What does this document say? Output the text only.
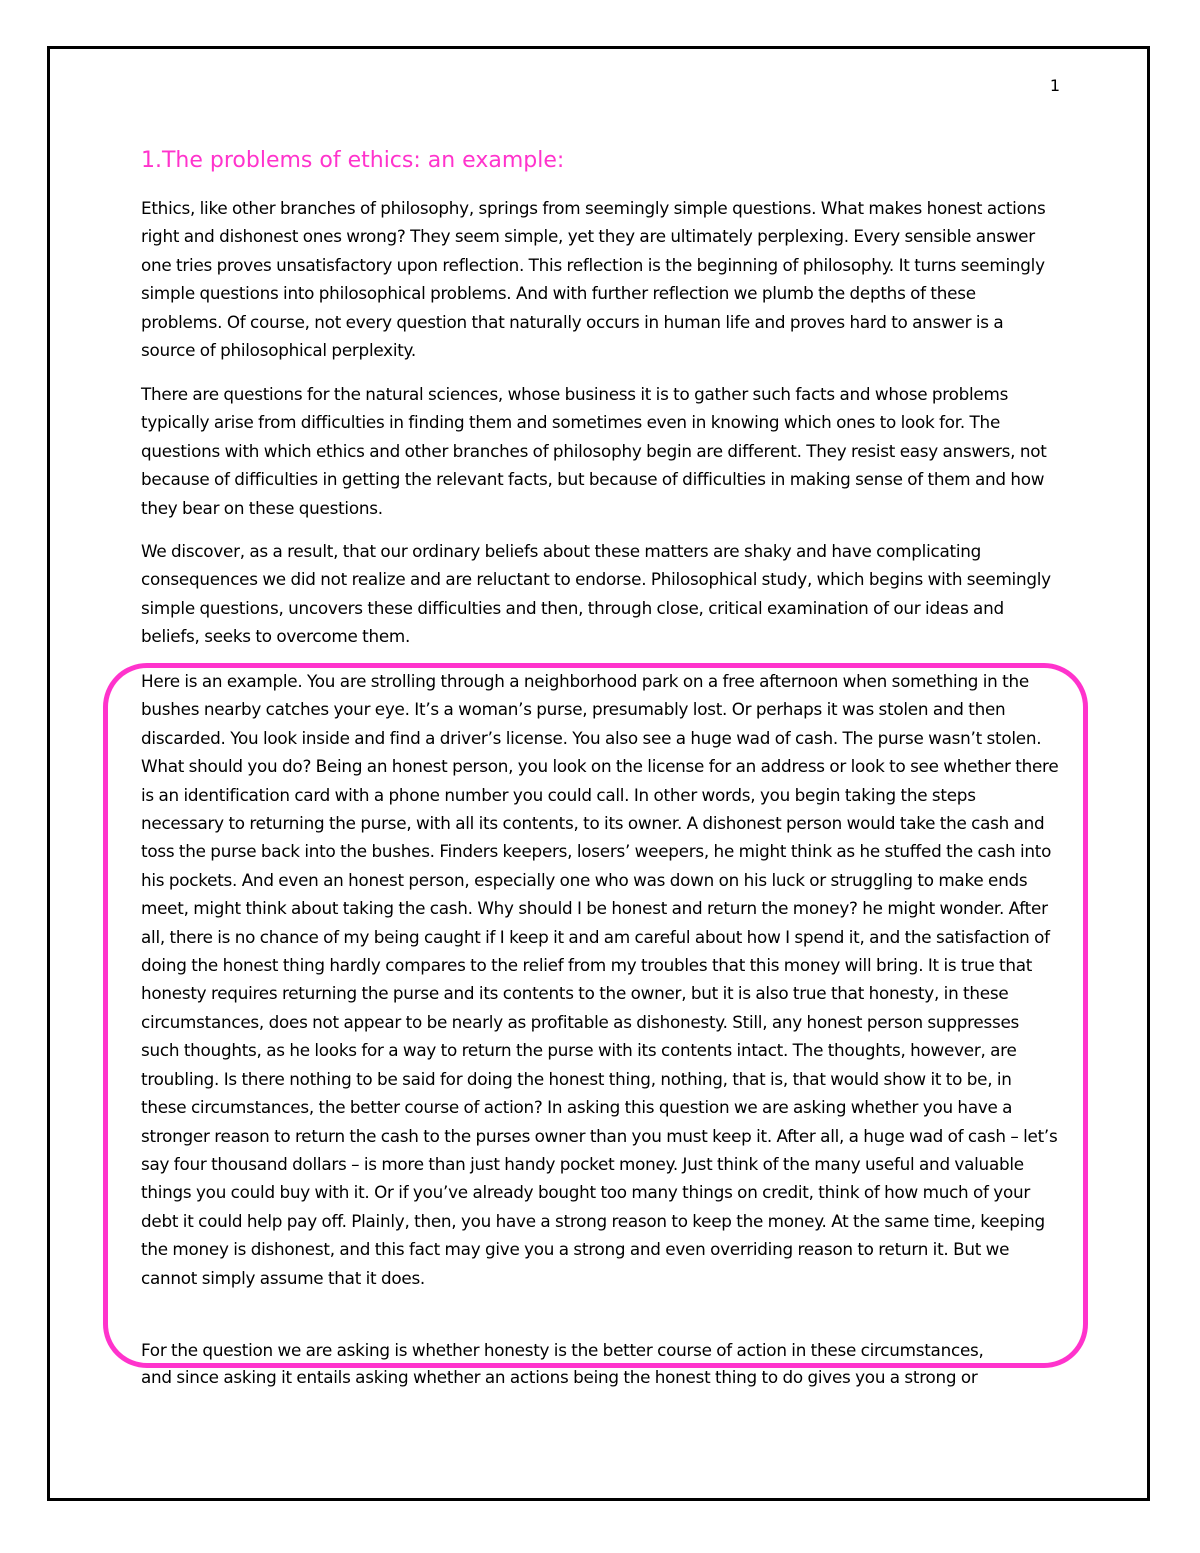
1
1.The problems of ethics: an example:

Ethics, like other branches of philosophy, springs from seemingly simple questions. What makes honest actions right and dishonest ones wrong? They seem simple, yet they are ultimately perplexing. Every sensible answer one tries proves unsatisfactory upon reflection. This reflection is the beginning of philosophy. It turns seemingly simple questions into philosophical problems. And with further reflection we plumb the depths of these problems. Of course, not every question that naturally occurs in human life and proves hard to answer is a source of philosophical perplexity.

There are questions for the natural sciences, whose business it is to gather such facts and whose problems typically arise from difficulties in finding them and sometimes even in knowing which ones to look for. The questions with which ethics and other branches of philosophy begin are different. They resist easy answers, not because of difficulties in getting the relevant facts, but because of difficulties in making sense of them and how they bear on these questions.

We discover, as a result, that our ordinary beliefs about these matters are shaky and have complicating consequences we did not realize and are reluctant to endorse. Philosophical study, which begins with seemingly simple questions, uncovers these difficulties and then, through close, critical examination of our ideas and beliefs, seeks to overcome them.

Here is an example. You are strolling through a neighborhood park on a free afternoon when something in the bushes nearby catches your eye. It’s a woman’s purse, presumably lost. Or perhaps it was stolen and then discarded. You look inside and find a driver’s license. You also see a huge wad of cash. The purse wasn’t stolen. What should you do? Being an honest person, you look on the license for an address or look to see whether there is an identification card with a phone number you could call. In other words, you begin taking the steps necessary to returning the purse, with all its contents, to its owner. A dishonest person would take the cash and toss the purse back into the bushes. Finders keepers, losers’ weepers, he might think as he stuffed the cash into his pockets. And even an honest person, especially one who was down on his luck or struggling to make ends meet, might think about taking the cash. Why should I be honest and return the money? he might wonder. After all, there is no chance of my being caught if I keep it and am careful about how I spend it, and the satisfaction of doing the honest thing hardly compares to the relief from my troubles that this money will bring. It is true that honesty requires returning the purse and its contents to the owner, but it is also true that honesty, in these circumstances, does not appear to be nearly as profitable as dishonesty. Still, any honest person suppresses such thoughts, as he looks for a way to return the purse with its contents intact. The thoughts, however, are troubling. Is there nothing to be said for doing the honest thing, nothing, that is, that would show it to be, in these circumstances, the better course of action? In asking this question we are asking whether you have a stronger reason to return the cash to the purses owner than you must keep it. After all, a huge wad of cash – let’s say four thousand dollars – is more than just handy pocket money. Just think of the many useful and valuable things you could buy with it. Or if you’ve already bought too many things on credit, think of how much of your debt it could help pay off. Plainly, then, you have a strong reason to keep the money. At the same time, keeping the money is dishonest, and this fact may give you a strong and even overriding reason to return it. But we cannot simply assume that it does.

For the question we are asking is whether honesty is the better course of action in these circumstances,

and since asking it entails asking whether an actions being the honest thing to do gives you a strong or
